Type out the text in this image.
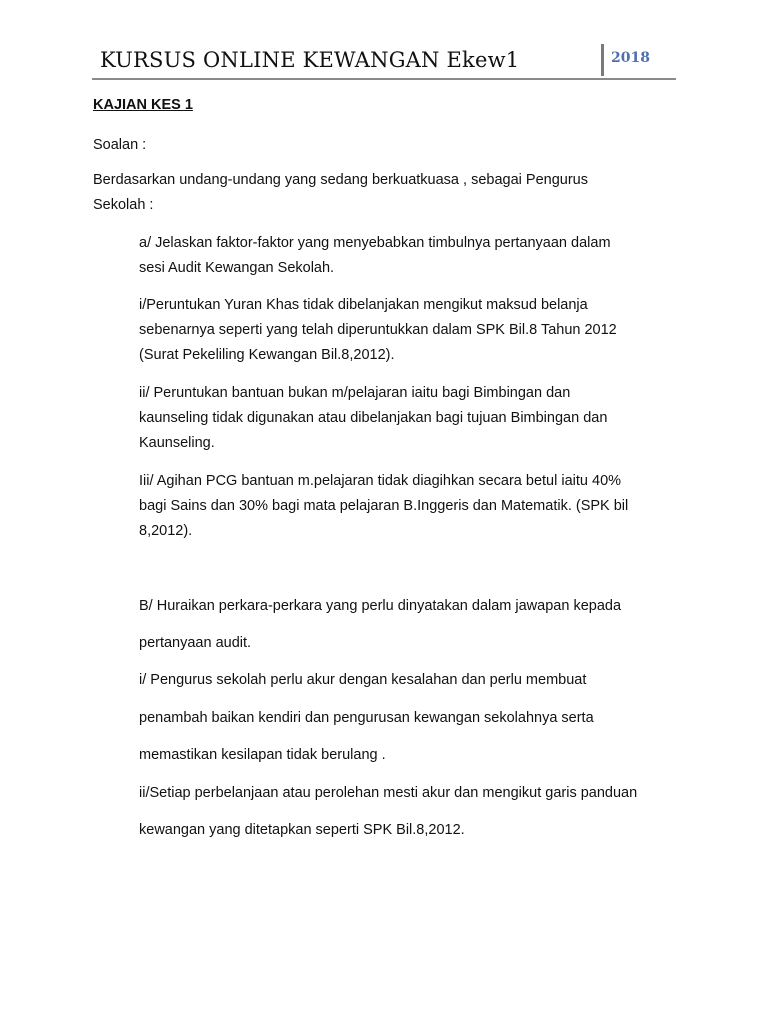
KURSUS ONLINE KEWANGAN Ekew1	2018
KAJIAN KES 1
Soalan :
Berdasarkan undang-undang yang sedang berkuatkuasa , sebagai Pengurus
Sekolah :
a/ Jelaskan faktor-faktor yang menyebabkan timbulnya pertanyaan dalam
sesi Audit Kewangan Sekolah.
i/Peruntukan Yuran Khas tidak dibelanjakan mengikut maksud belanja
sebenarnya seperti yang telah diperuntukkan dalam SPK Bil.8 Tahun 2012
(Surat Pekeliling Kewangan Bil.8,2012).
ii/ Peruntukan bantuan bukan m/pelajaran iaitu bagi Bimbingan dan
kaunseling tidak digunakan atau dibelanjakan bagi tujuan Bimbingan dan
Kaunseling.
Iii/ Agihan PCG bantuan m.pelajaran tidak diagihkan secara betul iaitu 40%
bagi Sains dan 30% bagi mata pelajaran B.Inggeris dan Matematik. (SPK bil
8,2012).
B/ Huraikan perkara-perkara yang perlu dinyatakan dalam jawapan kepada
pertanyaan audit.
i/ Pengurus sekolah perlu akur dengan kesalahan dan perlu membuat
penambah baikan kendiri dan pengurusan kewangan sekolahnya serta
memastikan kesilapan tidak berulang .
ii/Setiap perbelanjaan atau perolehan mesti akur dan mengikut garis panduan
kewangan yang ditetapkan seperti SPK Bil.8,2012.
